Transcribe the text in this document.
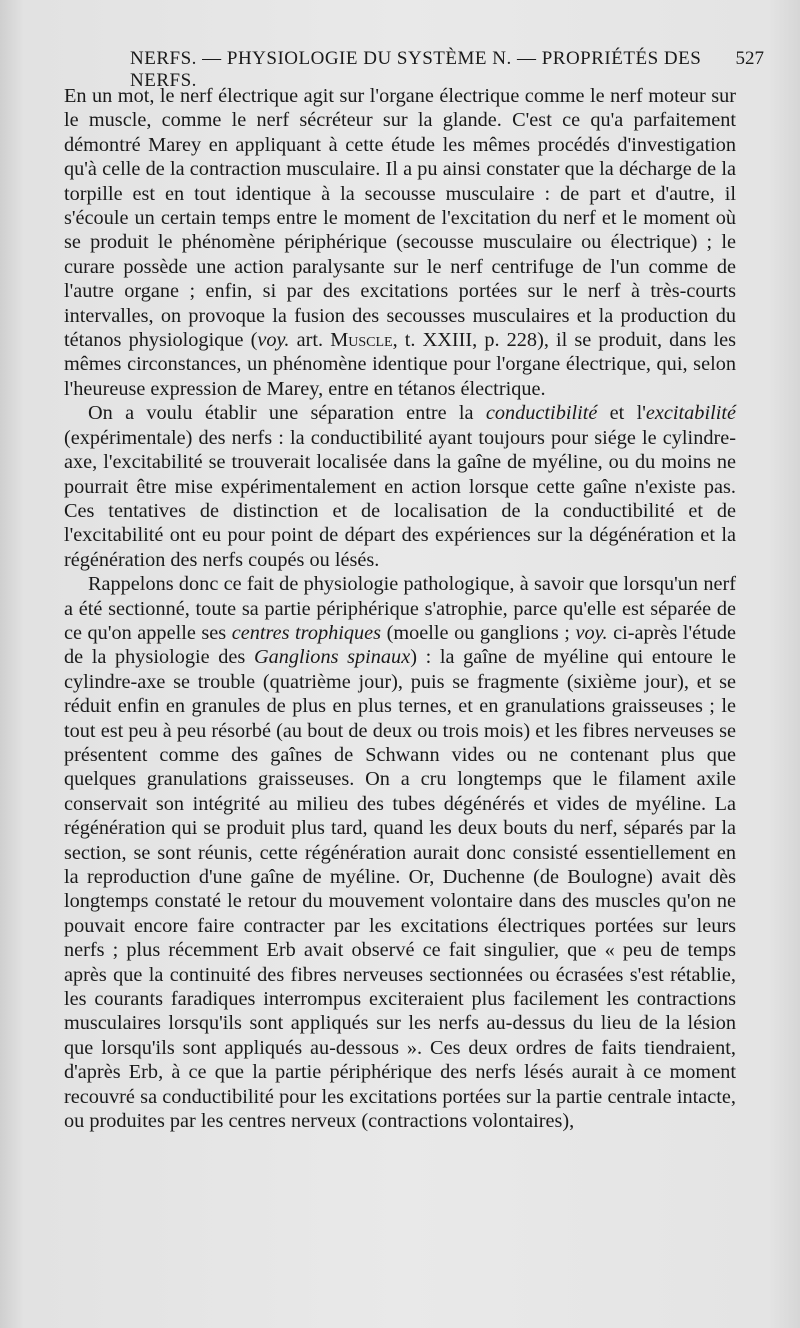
NERFS. — PHYSIOLOGIE DU SYSTÈME N. — PROPRIÉTÉS DES NERFS.
527

En un mot, le nerf électrique agit sur l'organe électrique comme le nerf moteur sur le muscle, comme le nerf sécréteur sur la glande. C'est ce qu'a parfaitement démontré Marey en appliquant à cette étude les mêmes procédés d'investigation qu'à celle de la contraction musculaire. Il a pu ainsi constater que la décharge de la torpille est en tout identique à la secousse musculaire : de part et d'autre, il s'écoule un certain temps entre le moment de l'excitation du nerf et le moment où se produit le phénomène périphérique (secousse musculaire ou électrique) ; le curare possède une action paralysante sur le nerf centrifuge de l'un comme de l'autre organe ; enfin, si par des excitations portées sur le nerf à très-courts intervalles, on provoque la fusion des secousses musculaires et la production du tétanos physiologique (voy. art. Muscle, t. XXIII, p. 228), il se produit, dans les mêmes circonstances, un phénomène identique pour l'organe électrique, qui, selon l'heureuse expression de Marey, entre en tétanos électrique.

On a voulu établir une séparation entre la conductibilité et l'excitabilité (expérimentale) des nerfs : la conductibilité ayant toujours pour siége le cylindre-axe, l'excitabilité se trouverait localisée dans la gaîne de myéline, ou du moins ne pourrait être mise expérimentalement en action lorsque cette gaîne n'existe pas. Ces tentatives de distinction et de localisation de la conductibilité et de l'excitabilité ont eu pour point de départ des expériences sur la dégénération et la régénération des nerfs coupés ou lésés.

Rappelons donc ce fait de physiologie pathologique, à savoir que lorsqu'un nerf a été sectionné, toute sa partie périphérique s'atrophie, parce qu'elle est séparée de ce qu'on appelle ses centres trophiques (moelle ou ganglions ; voy. ci-après l'étude de la physiologie des Ganglions spinaux) : la gaîne de myéline qui entoure le cylindre-axe se trouble (quatrième jour), puis se fragmente (sixième jour), et se réduit enfin en granules de plus en plus ternes, et en granulations graisseuses ; le tout est peu à peu résorbé (au bout de deux ou trois mois) et les fibres nerveuses se présentent comme des gaînes de Schwann vides ou ne contenant plus que quelques granulations graisseuses. On a cru longtemps que le filament axile conservait son intégrité au milieu des tubes dégénérés et vides de myéline. La régénération qui se produit plus tard, quand les deux bouts du nerf, séparés par la section, se sont réunis, cette régénération aurait donc consisté essentiellement en la reproduction d'une gaîne de myéline. Or, Duchenne (de Boulogne) avait dès longtemps constaté le retour du mouvement volontaire dans des muscles qu'on ne pouvait encore faire contracter par les excitations électriques portées sur leurs nerfs ; plus récemment Erb avait observé ce fait singulier, que « peu de temps après que la continuité des fibres nerveuses sectionnées ou écrasées s'est rétablie, les courants faradiques interrompus exciteraient plus facilement les contractions musculaires lorsqu'ils sont appliqués sur les nerfs au-dessus du lieu de la lésion que lorsqu'ils sont appliqués au-dessous ». Ces deux ordres de faits tiendraient, d'après Erb, à ce que la partie périphérique des nerfs lésés aurait à ce moment recouvré sa conductibilité pour les excitations portées sur la partie centrale intacte, ou produites par les centres nerveux (contractions volontaires),
